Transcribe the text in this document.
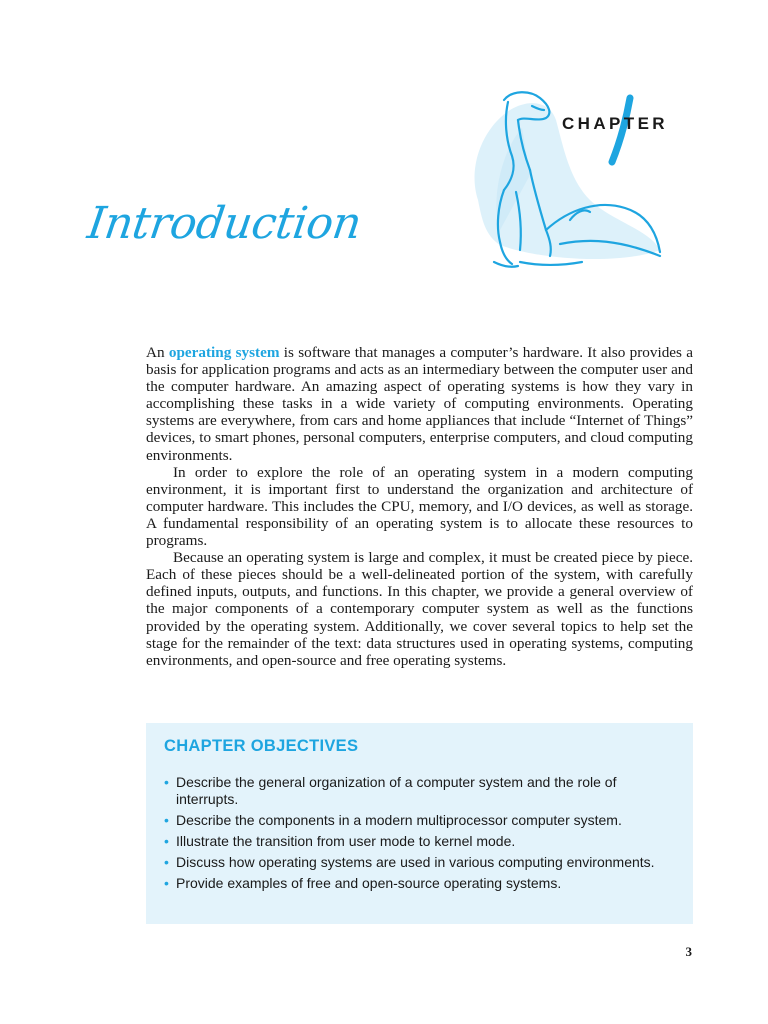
CHAPTER
Introduction

An operating system is software that manages a computer’s hardware. It also provides a basis for application programs and acts as an intermediary between the computer user and the computer hardware. An amazing aspect of operating systems is how they vary in accomplishing these tasks in a wide variety of computing environments. Operating systems are everywhere, from cars and home appliances that include “Internet of Things” devices, to smart phones, personal computers, enterprise computers, and cloud computing environments.

In order to explore the role of an operating system in a modern computing environment, it is important first to understand the organization and architecture of computer hardware. This includes the CPU, memory, and I/O devices, as well as storage. A fundamental responsibility of an operating system is to allocate these resources to programs.

Because an operating system is large and complex, it must be created piece by piece. Each of these pieces should be a well-delineated portion of the system, with carefully defined inputs, outputs, and functions. In this chapter, we provide a general overview of the major components of a contemporary computer system as well as the functions provided by the operating system. Additionally, we cover several topics to help set the stage for the remainder of the text: data structures used in operating systems, computing environments, and open-source and free operating systems.

CHAPTER OBJECTIVES
• Describe the general organization of a computer system and the role of interrupts.
• Describe the components in a modern multiprocessor computer system.
• Illustrate the transition from user mode to kernel mode.
• Discuss how operating systems are used in various computing environments.
• Provide examples of free and open-source operating systems.
3
